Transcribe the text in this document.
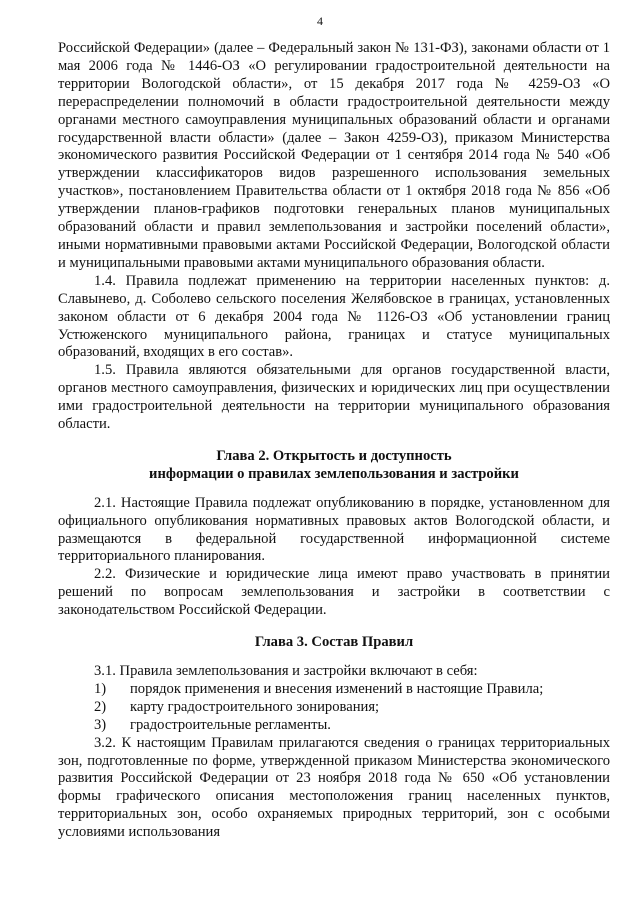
4

Российской Федерации» (далее – Федеральный закон № 131-ФЗ), законами области от 1 мая 2006 года № 1446-ОЗ «О регулировании градостроительной деятельности на территории Вологодской области», от 15 декабря 2017 года № 4259-ОЗ «О перераспределении полномочий в области градостроительной деятельности между органами местного самоуправления муниципальных образований области и органами государственной власти области» (далее – Закон 4259-ОЗ), приказом Министерства экономического развития Российской Федерации от 1 сентября 2014 года № 540 «Об утверждении классификаторов видов разрешенного использования земельных участков», постановлением Правительства области от 1 октября 2018 года № 856 «Об утверждении планов-графиков подготовки генеральных планов муниципальных образований области и правил землепользования и застройки поселений области», иными нормативными правовыми актами Российской Федерации, Вологодской области и муниципальными правовыми актами муниципального образования области.

1.4. Правила подлежат применению на территории населенных пунктов: д. Славынево, д. Соболево сельского поселения Желябовское в границах, установленных законом области от 6 декабря 2004 года № 1126-ОЗ «Об установлении границ Устюженского муниципального района, границах и статусе муниципальных образований, входящих в его состав».

1.5. Правила являются обязательными для органов государственной власти, органов местного самоуправления, физических и юридических лиц при осуществлении ими градостроительной деятельности на территории муниципального образования области.

Глава 2. Открытость и доступность
информации о правилах землепользования и застройки

2.1. Настоящие Правила подлежат опубликованию в порядке, установленном для официального опубликования нормативных правовых актов Вологодской области, и размещаются в федеральной государственной информационной системе территориального планирования.

2.2. Физические и юридические лица имеют право участвовать в принятии решений по вопросам землепользования и застройки в соответствии с законодательством Российской Федерации.

Глава 3. Состав Правил

3.1. Правила землепользования и застройки включают в себя:

1)	порядок применения и внесения изменений в настоящие Правила;
2)	карту градостроительного зонирования;
3)	градостроительные регламенты.

3.2. К настоящим Правилам прилагаются сведения о границах территориальных зон, подготовленные по форме, утвержденной приказом Министерства экономического развития Российской Федерации от 23 ноября 2018 года № 650 «Об установлении формы графического описания местоположения границ населенных пунктов, территориальных зон, особо охраняемых природных территорий, зон с особыми условиями использования
